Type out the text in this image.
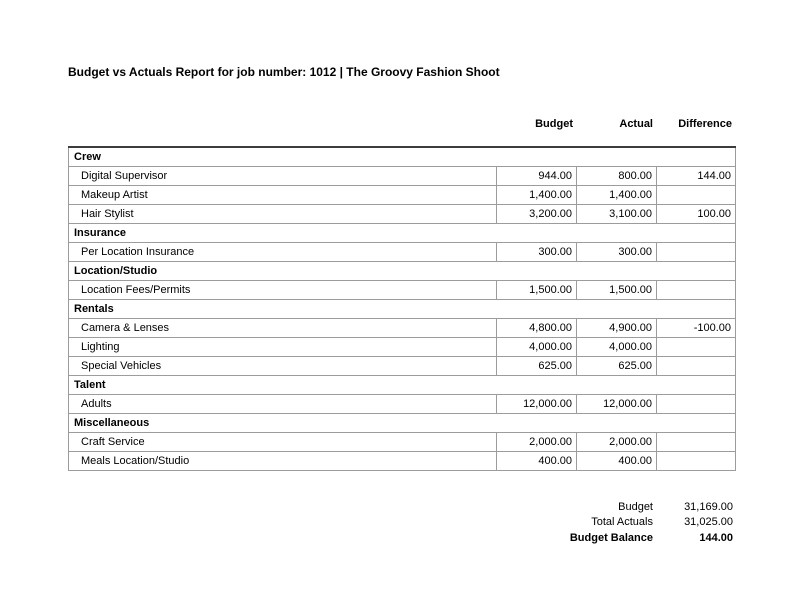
Budget vs Actuals Report for job number: 1012 | The Groovy Fashion Shoot
Budget	Actual	Difference
Crew			
Digital Supervisor	944.00	800.00	144.00
Makeup Artist	1,400.00	1,400.00	
Hair Stylist	3,200.00	3,100.00	100.00
Insurance			
Per Location Insurance	300.00	300.00	
Location/Studio			
Location Fees/Permits	1,500.00	1,500.00	
Rentals			
Camera & Lenses	4,800.00	4,900.00	-100.00
Lighting	4,000.00	4,000.00	
Special Vehicles	625.00	625.00	
Talent			
Adults	12,000.00	12,000.00	
Miscellaneous			
Craft Service	2,000.00	2,000.00	
Meals Location/Studio	400.00	400.00	
Budget	31,169.00
Total Actuals	31,025.00
Budget Balance	144.00
